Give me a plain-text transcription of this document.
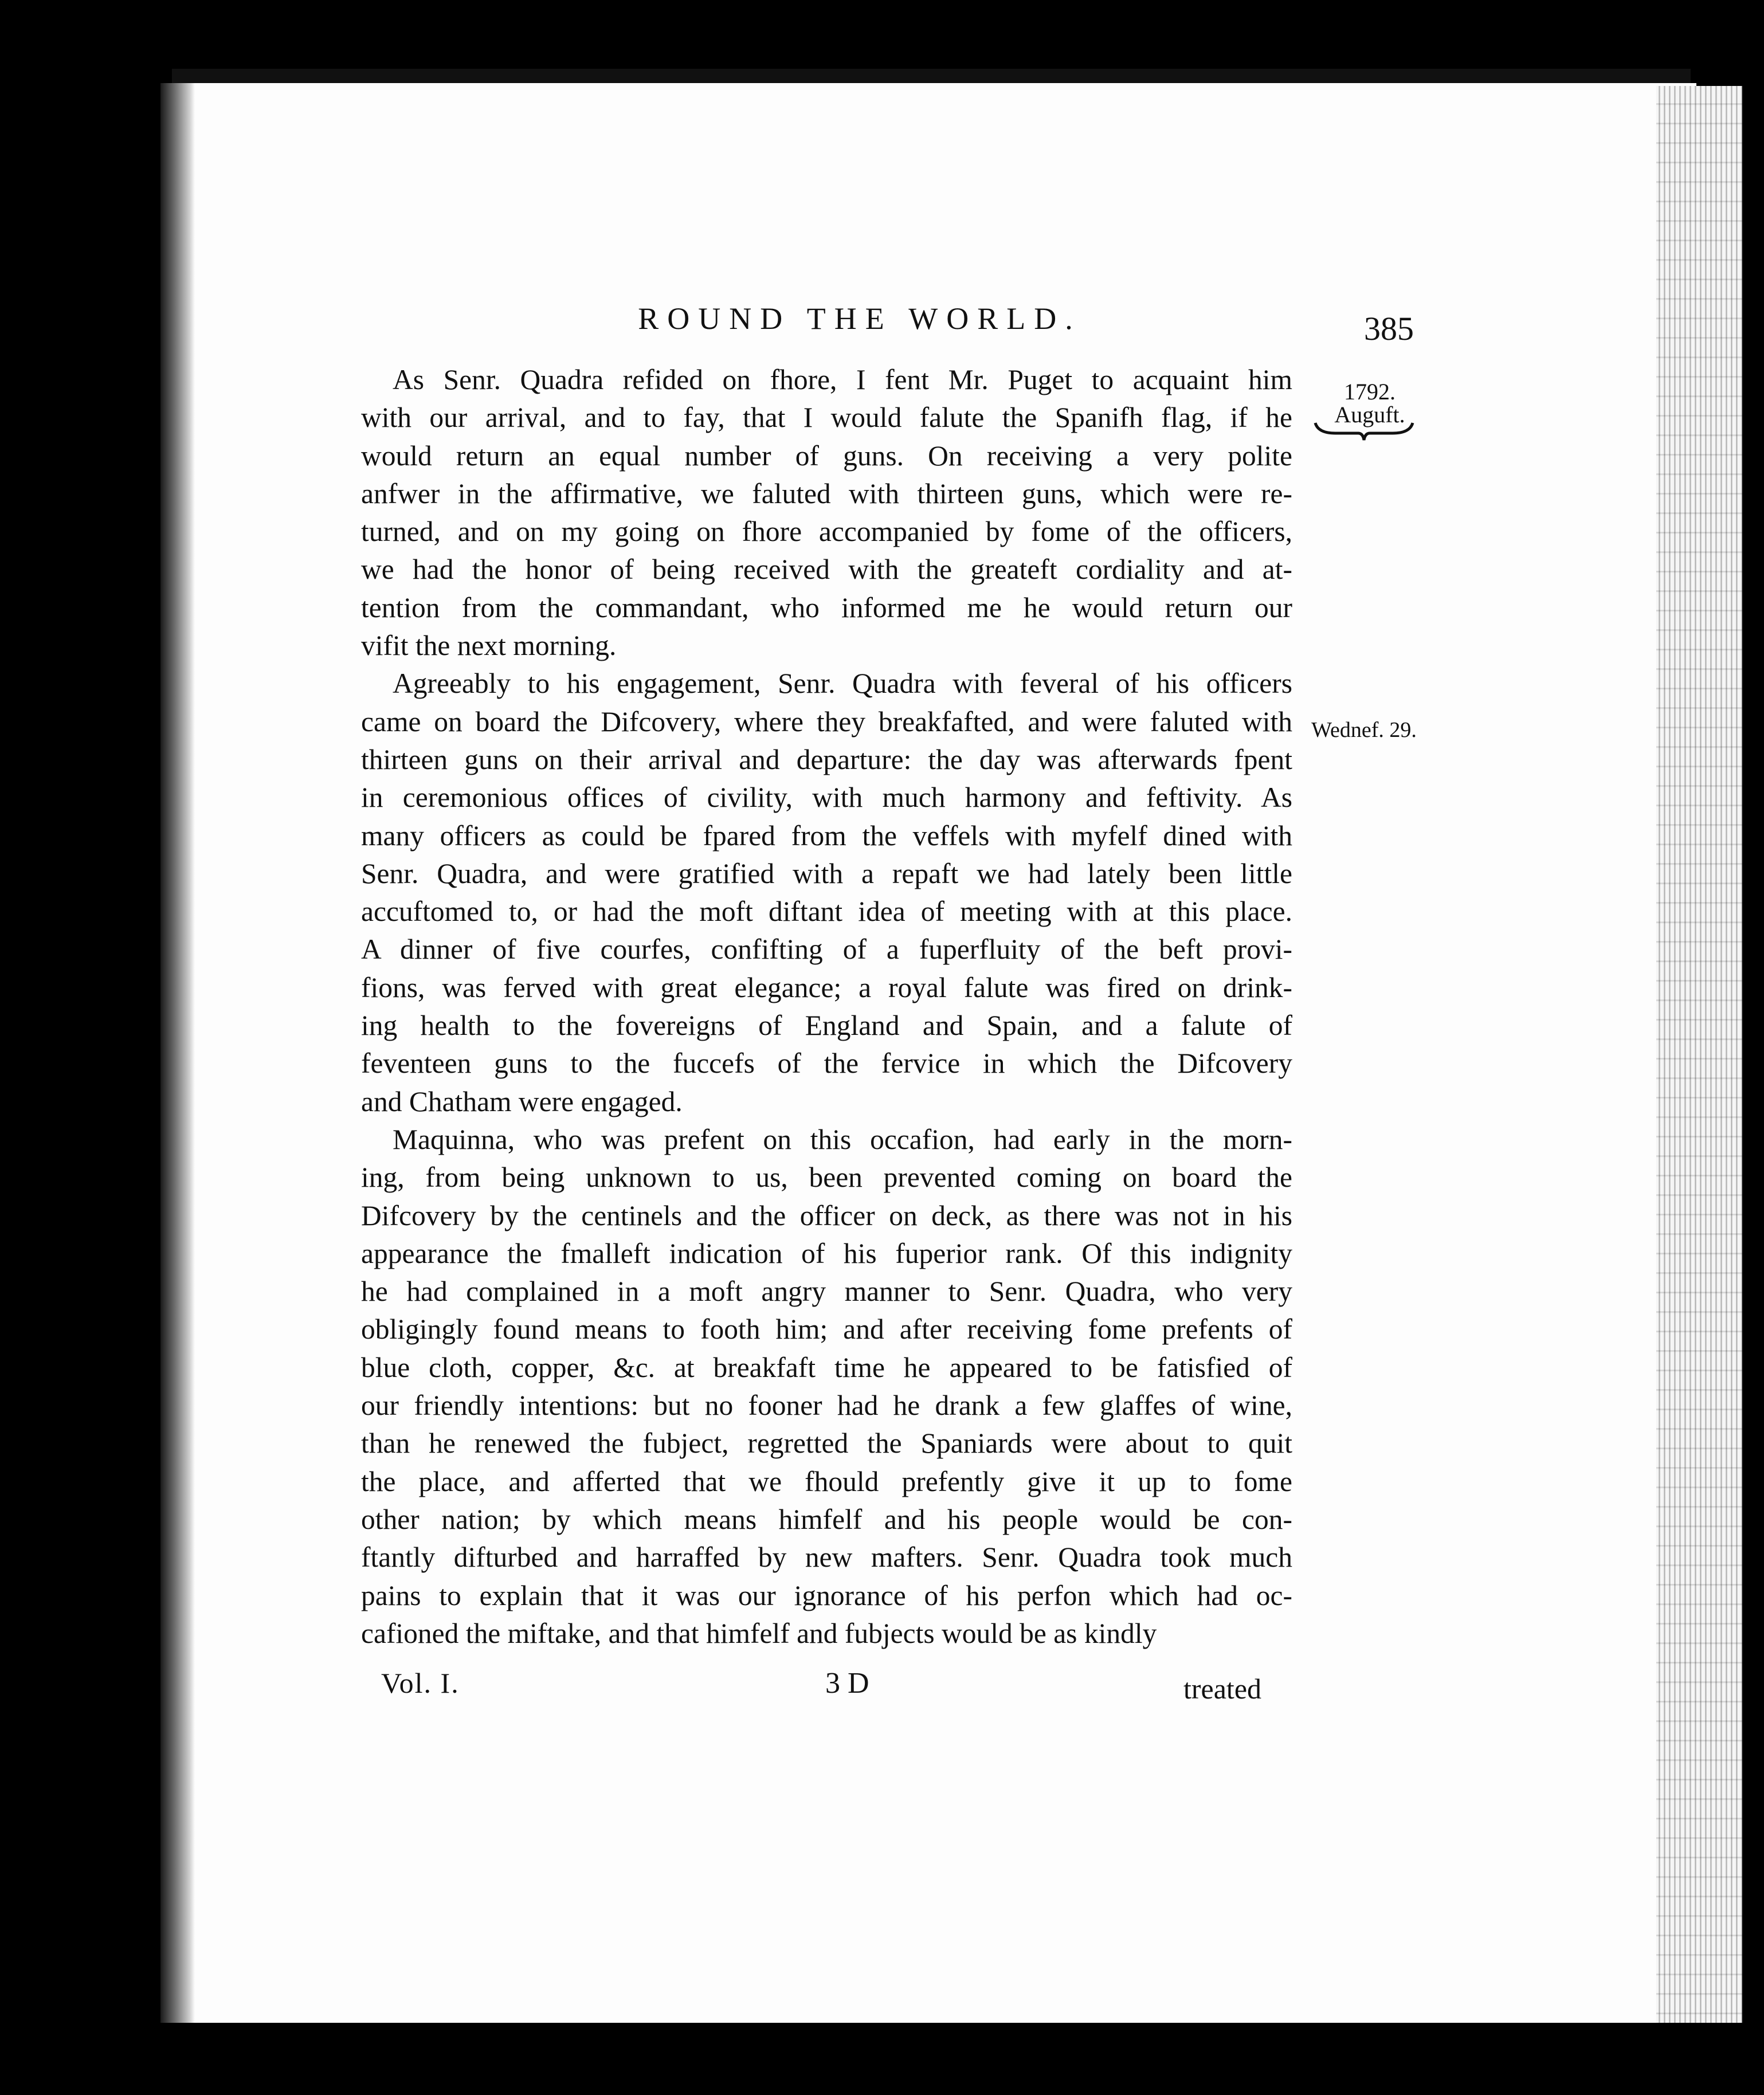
ROUND THE WORLD.	385
1792.
Auguft.
Wednef. 29.
As Senr. Quadra refided on fhore, I fent Mr. Puget to acquaint him
with our arrival, and to fay, that I would falute the Spanifh flag, if he
would return an equal number of guns. On receiving a very polite
anfwer in the affirmative, we faluted with thirteen guns, which were re-
turned, and on my going on fhore accompanied by fome of the officers,
we had the honor of being received with the greateft cordiality and at-
tention from the commandant, who informed me he would return our
vifit the next morning.
Agreeably to his engagement, Senr. Quadra with feveral of his officers
came on board the Difcovery, where they breakfafted, and were faluted with
thirteen guns on their arrival and departure: the day was afterwards fpent
in ceremonious offices of civility, with much harmony and feftivity. As
many officers as could be fpared from the veffels with myfelf dined with
Senr. Quadra, and were gratified with a repaft we had lately been little
accuftomed to, or had the moft diftant idea of meeting with at this place.
A dinner of five courfes, confifting of a fuperfluity of the beft provi-
fions, was ferved with great elegance; a royal falute was fired on drink-
ing health to the fovereigns of England and Spain, and a falute of
feventeen guns to the fuccefs of the fervice in which the Difcovery
and Chatham were engaged.
Maquinna, who was prefent on this occafion, had early in the morn-
ing, from being unknown to us, been prevented coming on board the
Difcovery by the centinels and the officer on deck, as there was not in his
appearance the fmalleft indication of his fuperior rank. Of this indignity
he had complained in a moft angry manner to Senr. Quadra, who very
obligingly found means to footh him; and after receiving fome prefents of
blue cloth, copper, &c. at breakfaft time he appeared to be fatisfied of
our friendly intentions: but no fooner had he drank a few glaffes of wine,
than he renewed the fubject, regretted the Spaniards were about to quit
the place, and afferted that we fhould prefently give it up to fome
other nation; by which means himfelf and his people would be con-
ftantly difturbed and harraffed by new mafters. Senr. Quadra took much
pains to explain that it was our ignorance of his perfon which had oc-
cafioned the miftake, and that himfelf and fubjects would be as kindly
Vol. I.	3 D	treated
